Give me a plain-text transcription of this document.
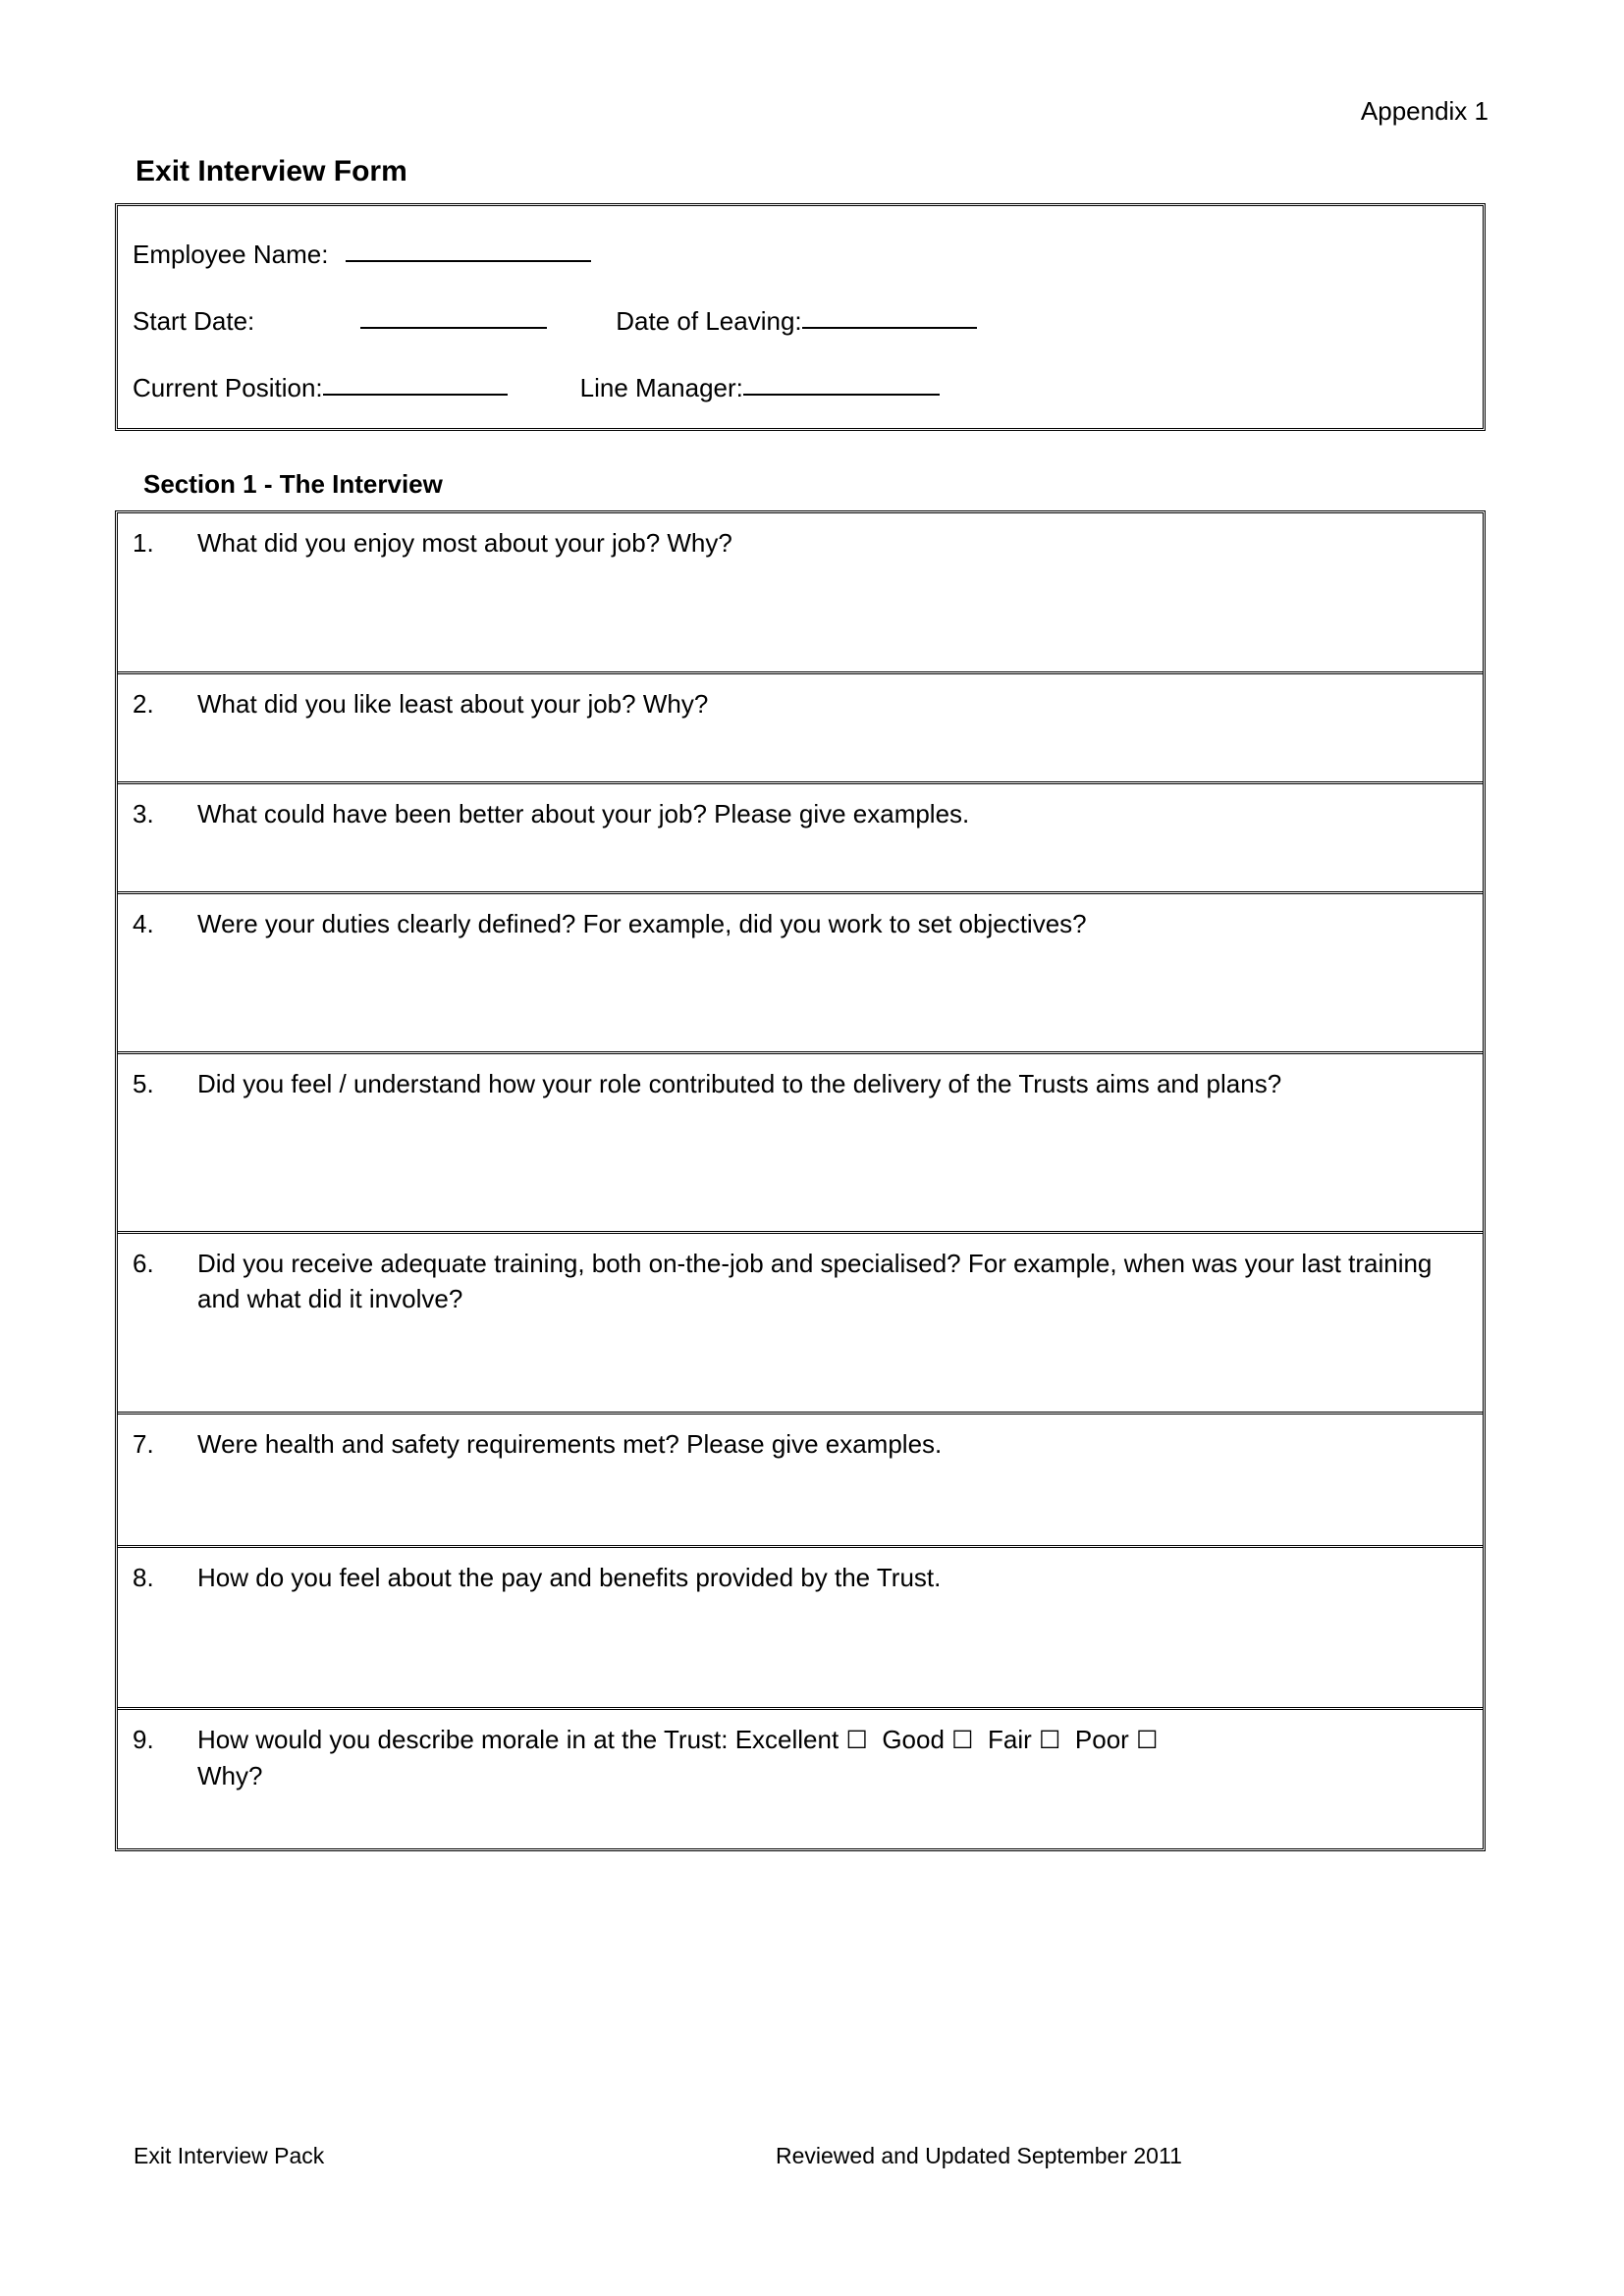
Appendix 1
Exit Interview Form
Employee Name:
Start Date:	Date of Leaving:
Current Position:	Line Manager:
Section 1 - The Interview
1.	What did you enjoy most about your job? Why?
2.	What did you like least about your job? Why?
3.	What could have been better about your job? Please give examples.
4.	Were your duties clearly defined? For example, did you work to set objectives?
5.	Did you feel / understand how your role contributed to the delivery of the Trusts aims and plans?
6.	Did you receive adequate training, both on-the-job and specialised? For example, when was your last training and what did it involve?
7.	Were health and safety requirements met? Please give examples.
8.	How do you feel about the pay and benefits provided by the Trust.
9.	How would you describe morale in at the Trust: Excellent ☐ Good ☐ Fair ☐ Poor ☐
Why?
Exit Interview Pack	Reviewed and Updated September 2011
